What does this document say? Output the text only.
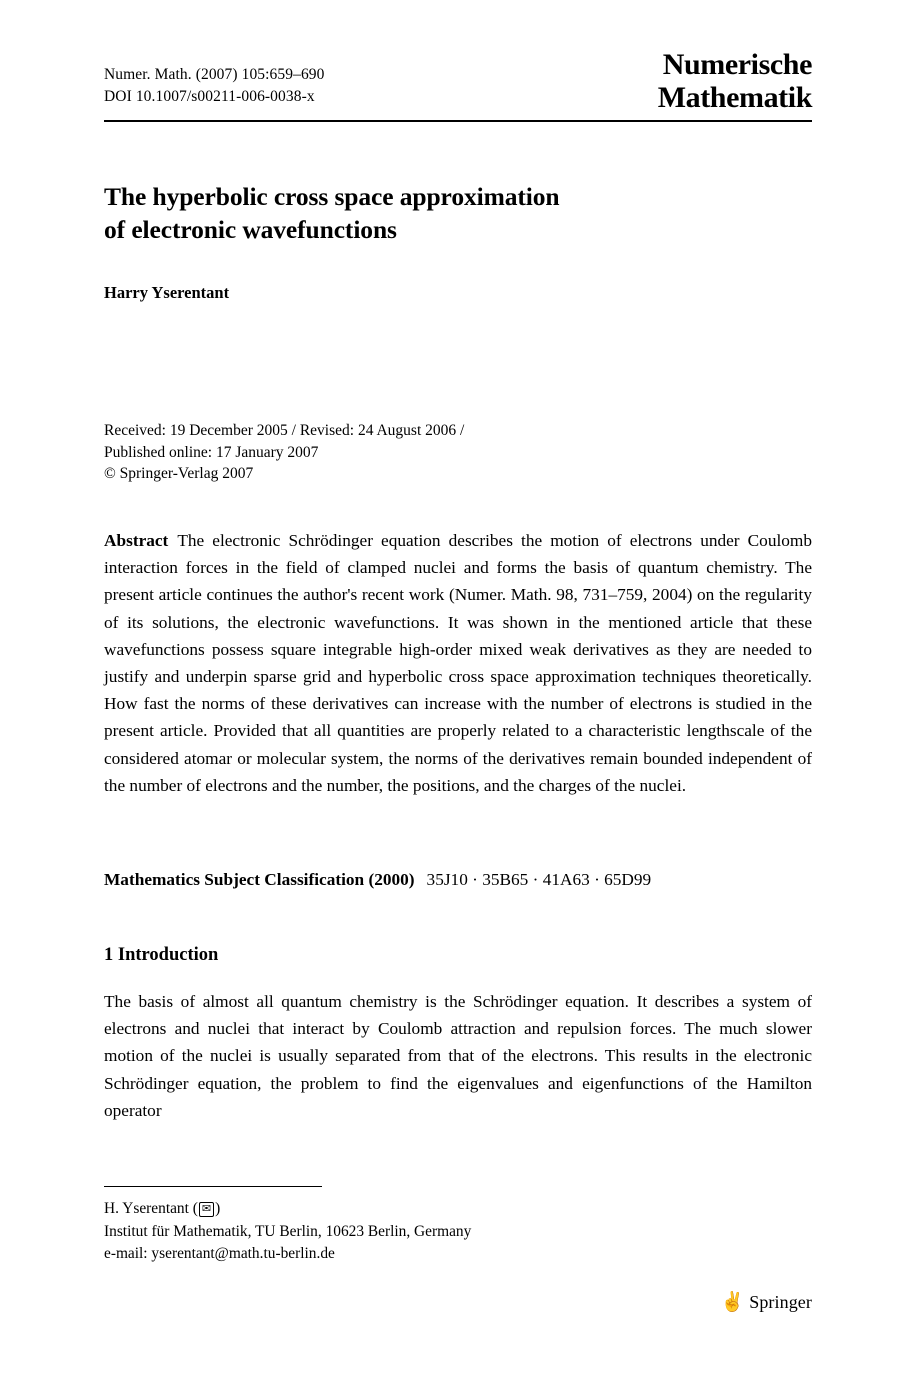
Numer. Math. (2007) 105:659–690
DOI 10.1007/s00211-006-0038-x
Numerische
Mathematik
The hyperbolic cross space approximation
of electronic wavefunctions
Harry Yserentant
Received: 19 December 2005 / Revised: 24 August 2006 /
Published online: 17 January 2007
© Springer-Verlag 2007
Abstract The electronic Schrödinger equation describes the motion of electrons under Coulomb interaction forces in the field of clamped nuclei and forms the basis of quantum chemistry. The present article continues the author's recent work (Numer. Math. 98, 731–759, 2004) on the regularity of its solutions, the electronic wavefunctions. It was shown in the mentioned article that these wavefunctions possess square integrable high-order mixed weak derivatives as they are needed to justify and underpin sparse grid and hyperbolic cross space approximation techniques theoretically. How fast the norms of these derivatives can increase with the number of electrons is studied in the present article. Provided that all quantities are properly related to a characteristic lengthscale of the considered atomar or molecular system, the norms of the derivatives remain bounded independent of the number of electrons and the number, the positions, and the charges of the nuclei.
Mathematics Subject Classification (2000) 35J10 · 35B65 · 41A63 · 65D99
1 Introduction
The basis of almost all quantum chemistry is the Schrödinger equation. It describes a system of electrons and nuclei that interact by Coulomb attraction and repulsion forces. The much slower motion of the nuclei is usually separated from that of the electrons. This results in the electronic Schrödinger equation, the problem to find the eigenvalues and eigenfunctions of the Hamilton operator
H. Yserentant ( ✉ )
Institut für Mathematik, TU Berlin, 10623 Berlin, Germany
e-mail: yserentant@math.tu-berlin.de
✌ Springer
